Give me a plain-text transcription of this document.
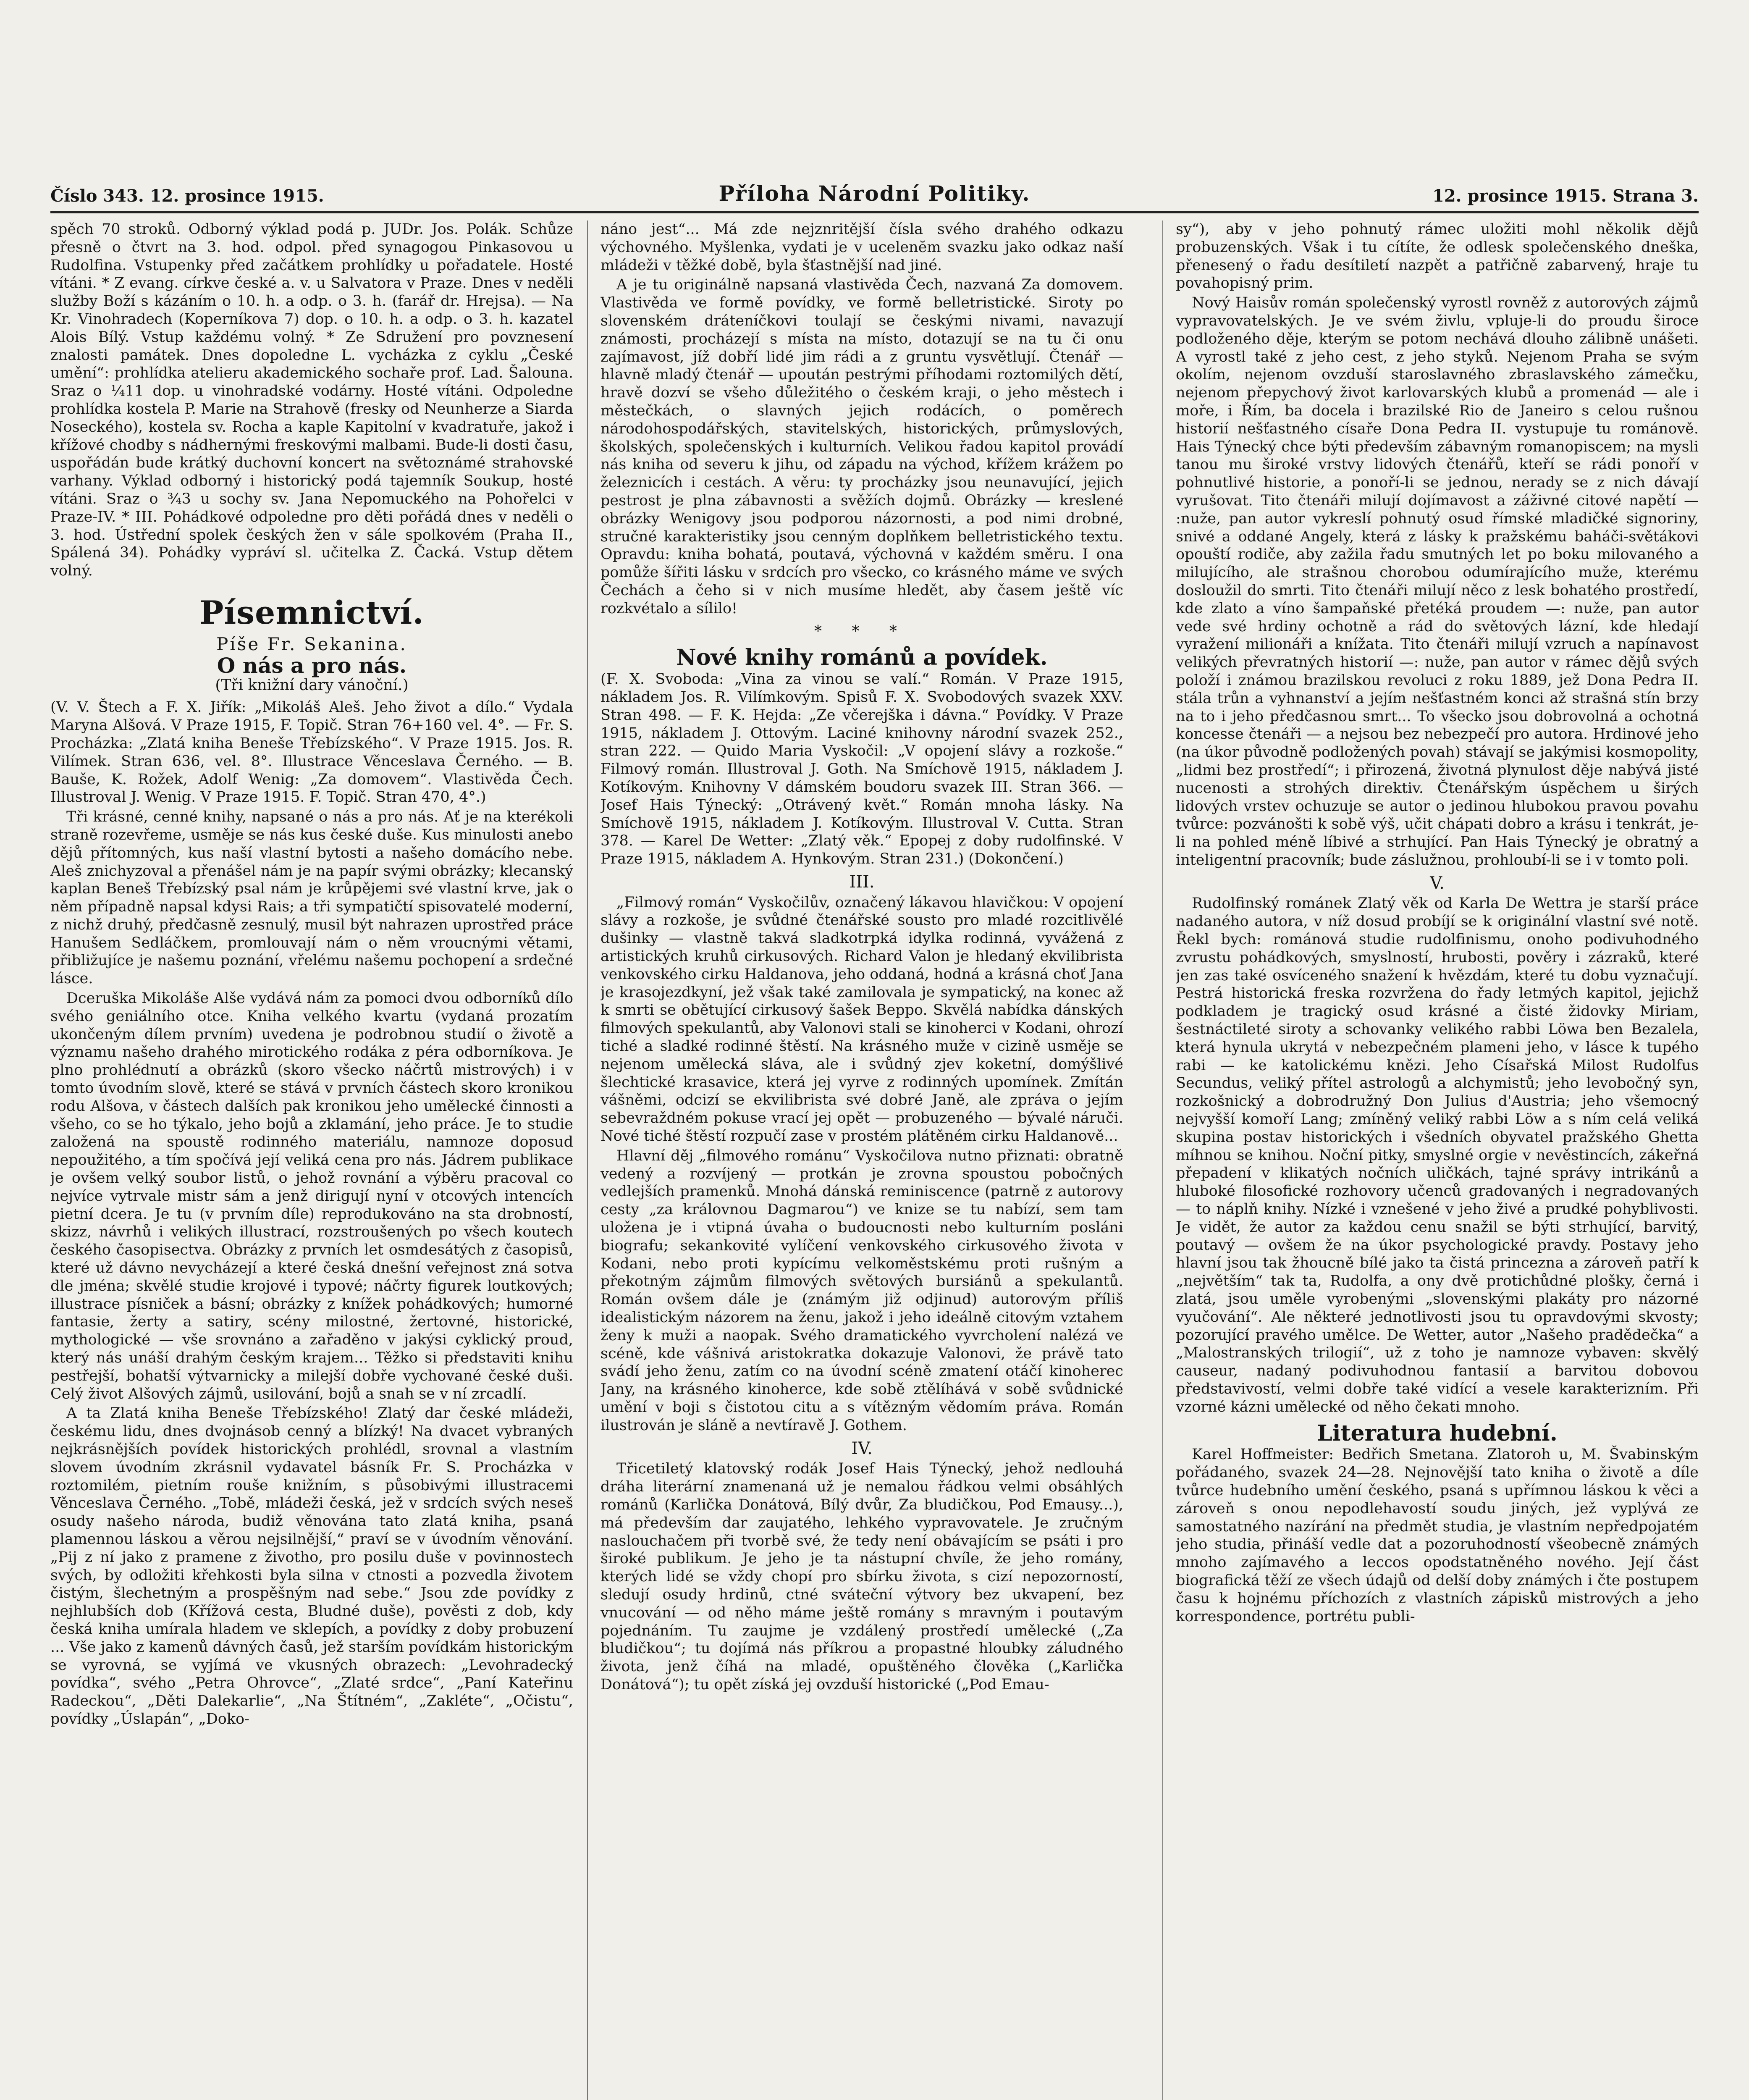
Číslo 343. 12. prosince 1915.	Příloha Národní Politiky.	12. prosince 1915. Strana 3.

spěch 70 stroků. Odborný výklad podá p. JUDr. Jos. Polák. Schůze přesně o čtvrt na 3. hod. odpol. před synagogou Pinkasovou u Rudolfina. Vstupenky před začátkem prohlídky u pořadatele. Hosté vítáni. * Z evang. církve české a. v. u Salvatora v Praze. Dnes v neděli služby Boží s kázáním o 10. h. a odp. o 3. h. (farář dr. Hrejsa). — Na Kr. Vinohradech (Koperníkova 7) dop. o 10. h. a odp. o 3. h. kazatel Alois Bílý. Vstup každému volný. * Ze Sdružení pro povznesení znalosti památek. Dnes dopoledne L. vycházka z cyklu „České umění“: prohlídka atelieru akademického sochaře prof. Lad. Šalouna. Sraz o ¼11 dop. u vinohradské vodárny. Hosté vítáni. Odpoledne prohlídka kostela P. Marie na Strahově (fresky od Neunherze a Siarda Noseckého), kostela sv. Rocha a kaple Kapitolní v kvadratuře, jakož i křížové chodby s nádhernými freskovými malbami. Bude-li dosti času, uspořádán bude krátký duchovní koncert na světoznámé strahovské varhany. Výklad odborný i historický podá tajemník Soukup, hosté vítáni. Sraz o ¾3 u sochy sv. Jana Nepomuckého na Pohořelci v Praze-IV. * III. Pohádkové odpoledne pro děti pořádá dnes v neděli o 3. hod. Ústřední spolek českých žen v sále spolkovém (Praha II., Spálená 34). Pohádky vypráví sl. učitelka Z. Čacká. Vstup dětem volný.

Písemnictví.
Píše Fr. Sekanina.
O nás a pro nás.
(Tři knižní dary vánoční.)

(V. V. Štech a F. X. Jiřík: „Mikoláš Aleš. Jeho život a dílo.“ Vydala Marynа Alšová. V Praze 1915, F. Topič. Stran 76+160 vel. 4°. — Fr. S. Procházka: „Zlatá kniha Beneše Třebízského“. V Praze 1915. Jos. R. Vilímek. Stran 636, vel. 8°. Illustrace Věnceslava Černého. — B. Bauše, K. Rožek, Adolf Wenig: „Za domovem“. Vlastivěda Čech. Illustroval J. Wenig. V Praze 1915. F. Topič. Stran 470, 4°.)

Tři krásné, cenné knihy, napsané o nás a pro nás. Ať je na kterékoli straně rozevřeme, usměje se nás kus české duše. Kus minulosti anebo dějů přítomných, kus naší vlastní bytosti a našeho domácího nebe. Aleš znichyzoval a přenášel nám je na papír svými obrázky; klecanský kaplan Beneš Třebízský psal nám je krůpějemi své vlastní krve, jak o něm případně napsal kdysi Rais; a tři sympatičtí spisovatelé moderní, z nichž druhý, předčasně zesnulý, musil být nahrazen uprostřed práce Hanušem Sedláčkem, promlouvají nám o něm vroucnými větami, přibližujíce je našemu poznání, vřelému našemu pochopení a srdečné lásce.

Dceruška Mikoláše Alše vydává nám za pomoci dvou odborníků dílo svého geniálního otce. Kniha velkého kvartu (vydaná prozatím ukončeným dílem prvním) uvedena je podrobnou studií o životě a významu našeho drahého mirotického rodáka z péra odborníkova. Je plno prohlédnutí a obrázků (skoro všecko náčrtů mistrových) i v tomto úvodním slově, které se stává v prvních částech skoro kronikou rodu Alšova, v částech dalších pak kronikou jeho umělecké činnosti a všeho, co se ho týkalo, jeho bojů a zklamání, jeho práce. Je to studie založená na spoustě rodinného materiálu, namnoze doposud nepoužitého, a tím spočívá její veliká cena pro nás. Jádrem publikace je ovšem velký soubor listů, o jehož rovnání a výběru pracoval co nejvíce vytrvale mistr sám a jenž dirigují nyní v otcových intencích pietní dcera. Je tu (v prvním díle) reprodukováno na sta drobností, skizz, návrhů i velikých illustrací, rozstroušených po všech koutech českého časopisectva. Obrázky z prvních let osmdesátých z časopisů, které už dávno nevycházejí a které česká dnešní veřejnost zná sotva dle jména; skvělé studie krojové i typové; náčrty figurek loutkových; illustrace písniček a básní; obrázky z knížek pohádkových; humorné fantasie, žerty a satiry, scény milostné, žertovné, historické, mythologické — vše srovnáno a zařaděno v jakýsi cyklický proud, který nás unáší drahým českým krajem... Těžko si představiti knihu pestřejší, bohatší výtvarnicky a milejší dobře vychované české duši. Celý život Alšových zájmů, usilování, bojů a snah se v ní zrcadlí.

A ta Zlatá kniha Beneše Třebízského! Zlatý dar české mládeži, českému lidu, dnes dvojnásob cenný a blízký! Na dvacet vybraných nejkrásnějších povídek historických prohlédl, srovnal a vlastním slovem úvodním zkrásnil vydavatel básník Fr. S. Procházka v roztomilém, pietním rouše knižním, s působivými illustracemi Věnceslava Černého. „Tobě, mládeži česká, jež v srdcích svých neseš osudy našeho národa, budiž věnována tato zlatá kniha, psaná plamennou láskou a věrou nejsilnější,“ praví se v úvodním věnování. „Pij z ní jako z pramene z životho, pro posilu duše v povinnostech svých, by odložiti křehkosti byla silna v ctnosti a pozvedla životem čistým, šlechetným a prospěšným nad sebe.“ Jsou zde povídky z nejhlubších dob (Křížová cesta, Bludné duše), pověsti z dob, kdy česká kniha umírala hladem ve sklepích, a povídky z doby probuzení ... Vše jako z kamenů dávných časů, jež starším povídkám historickým se vyrovná, se vyjímá ve vkusných obrazech: „Levohradecký povídka“, svého „Petra Ohrovce“, „Zlaté srdce“, „Paní Kateřinu Radeckou“, „Děti Dalekarlie“, „Na Štítném“, „Zakléte“, „Očistu“, povídky „Úslapán“, „Doko-

náno jest“... Má zde nejznritější čísla svého drahého odkazu výchovného. Myšlenka, vydati je v ucelenĕm svazku jako odkaz naší mládeži v těžké době, byla šťastnější nad jiné.

A je tu originálně napsaná vlastivěda Čech, nazvaná Za domovem. Vlastivěda ve formě povídky, ve formě belletristické. Siroty po slovenském dráteníčkovi toulají se českými nivami, navazují známosti, procházejí s místa na místo, dotazují se na tu či onu zajímavost, jíž dobří lidé jim rádi a z gruntu vysvětlují. Čtenář — hlavně mladý čtenář — upoután pestrými příhodami roztomilých dětí, hravě dozví se všeho důležitého o českém kraji, o jeho městech i městečkách, o slavných jejich rodácích, o poměrech národohospodářských, stavitelských, historických, průmyslových, školských, společenských i kulturních. Velikou řadou kapitol provádí nás kniha od severu k jihu, od západu na východ, křížem krážem po železnicích i cestách. A věru: ty procházky jsou neunavující, jejich pestrost je plna zábavnosti a svěžích dojmů. Obrázky — kreslené obrázky Wenigovy jsou podporou názornosti, a pod nimi drobné, stručné karakteristiky jsou cenným doplňkem belletristického textu. Opravdu: kniha bohatá, poutavá, výchovná v každém směru. I ona pomůže šířiti lásku v srdcích pro všecko, co krásného máme ve svých Čechách a čeho si v nich musíme hledět, aby časem ještě víc rozkvétalo a sílilo!

* * *
Nové knihy románů a povídek.

(F. X. Svoboda: „Vina za vinou se valí.“ Román. V Praze 1915, nákladem Jos. R. Vilímkovým. Spisů F. X. Svobodových svazek XXV. Stran 498. — F. K. Hejda: „Ze včerejška i dávna.“ Povídky. V Praze 1915, nákladem J. Ottovým. Laciné knihovny národní svazek 252., stran 222. — Quido Maria Vyskočil: „V opojení slávy a rozkoše.“ Filmový román. Illustroval J. Goth. Na Smíchově 1915, nákladem J. Kotíkovým. Knihovny V dámském boudoru svazek III. Stran 366. — Josef Hais Týnecký: „Otrávený květ.“ Román mnoha lásky. Na Smíchově 1915, nákladem J. Kotíkovým. Illustroval V. Cutta. Stran 378. — Karel De Wetter: „Zlatý věk.“ Epopej z doby rudolfinské. V Praze 1915, nákladem A. Hynkovým. Stran 231.) (Dokončení.)

III.

„Filmový román“ Vyskočilův, označený lákavou hlavičkou: V opojení slávy a rozkoše, je svůdné čtenářské sousto pro mladé rozcitlivělé dušinky — vlastně takvá sladkotrpká idylka rodinná, vyvážená z artistických kruhů cirkusových. Richard Valon je hledaný ekvilibrista venkovského cirku Haldanova, jeho oddaná, hodná a krásná choť Jana je krasojezdkyní, jež však také zamilovala je sympatický, na konec až k smrti se obětující cirkusový šašek Beppo. Skvělá nabídka dánských filmových spekulantů, aby Valonovi stali se kinoherci v Kodani, ohrozí tiché a sladké rodinné štěstí. Na krásného muže v cizině usměje se nejenom umělecká sláva, ale i svůdný zjev koketní, domýšlivé šlechtické krasavice, která jej vyrve z rodinných upomínek. Zmítán vášněmi, odcizí se ekvilibrista své dobré Janě, ale zpráva o jejím sebevraždném pokuse vrací jej opět — probuzeného — bývalé náruči. Nové tiché štěstí rozpučí zase v prostém plátěném cirku Haldanově...

Hlavní děj „filmového románu“ Vyskočilova nutno přiznati: obratně vedený a rozvíjený — protkán je zrovna spoustou pobočných vedlejších pramenků. Mnohá dánská reminiscence (patrně z autorovy cesty „za královnou Dagmarou“) ve knize se tu nabízí, sem tam uložena je i vtipná úvaha o budoucnosti nebo kulturním posláni biografu; sekankovité vylíčení venkovského cirkusového života v Kodani, nebo proti kypícímu velkoměstskému proti rušným a překotným zájmům filmových světových bursiánů a spekulantů. Román ovšem dále je (známým již odjinud) autorovým příliš idealistickým názorem na ženu, jakož i jeho ideálně citovým vztahem ženy k muži a naopak. Svého dramatického vyvrcholení nalézá ve scéně, kde vášnivá aristokratka dokazuje Valonovi, že právě tato svádí jeho ženu, zatím co na úvodní scéně zmatení otáčí kinoherec Jany, na krásného kinoherce, kde sobě ztělíhává v sobě svůdnické umění v boji s čistotou citu a s vítězným vědomím práva. Román ilustrován je sláně a nevtíravě J. Gothem.

IV.

Třicetiletý klatovský rodák Josef Hais Týnecký, jehož nedlouhá dráha literární znamenaná už je nemalou řádkou velmi obsáhlých románů (Karlička Donátová, Bílý dvůr, Za bludičkou, Pod Emausy...), má především dar zaujatého, lehkého vypravovatele. Je zručným naslouchačem při tvorbě své, že tedy není obávajícím se psáti i pro široké publikum. Je jeho je ta nástupní chvíle, že jeho romány, kterých lidé se vždy chopí pro sbírku života, s cizí nepozorností, sledují osudy hrdinů, ctné sváteční výtvory bez ukvapení, bez vnucování — od něho máme ještě romány s mravným i poutavým pojednáním. Tu zaujme je vzdálený prostředí umělecké („Za bludičkou“; tu dojímá nás příkrou a propastné hloubky záludného života, jenž číhá na mladé, opuštěného člověka („Karlička Donátová“); tu opět získá jej ovzduší historické („Pod Emau-

sy“), aby v jeho pohnutý rámec uložiti mohl několik dějů probuzenských. Však i tu cítíte, že odlesk společenského dneška, přenesený o řadu desítiletí nazpět a patřičně zabarvený, hraje tu povahopisný prim.

Nový Haisův román společenský vyrostl rovněž z autorových zájmů vypravovatelských. Je ve svém živlu, vpluje-li do proudu široce podloženého děje, kterým se potom nechává dlouho zálibně unášeti. A vyrostl také z jeho cest, z jeho styků. Nejenom Praha se svým okolím, nejenom ovzduší staroslavného zbraslavského zámečku, nejenom přepychový život karlovarských klubů a promenád — ale i moře, i Řím, ba docela i brazilské Rio de Janeiro s celou rušnou historií nešťastného císaře Dona Pedra II. vystupuje tu románově. Hais Týnecký chce býti především zábavným romanopiscem; na mysli tanou mu široké vrstvy lidových čtenářů, kteří se rádi ponoří v pohnutlivé historie, a ponoří-li se jednou, nerady se z nich dávají vyrušovat. Tito čtenáři milují dojímavost a záživné citové napětí — :nuže, pan autor vykreslí pohnutý osud římské mladičké signoriny, snivé a oddané Angely, která z lásky k pražskému baháči-světákovi opouští rodiče, aby zažila řadu smutných let po boku milovaného a milujícího, ale strašnou chorobou odumírajícího muže, kterému dosloužil do smrti. Tito čtenáři milují něco z lesk bohatého prostředí, kde zlato a víno šampaňské přetéká proudem —: nuže, pan autor vede své hrdiny ochotně a rád do světových lázní, kde hledají vyražení milionáři a knížata. Tito čtenáři milují vzruch a napínavost velikých převratných historií —: nuže, pan autor v rámec dějů svých položí i známou brazilskou revoluci z roku 1889, jež Dona Pedra II. stála trůn a vyhnanství a jejím nešťastném konci až strašná stín brzy na to i jeho předčasnou smrt... To všecko jsou dobrovolná a ochotná koncesse čtenáři — a nejsou bez nebezpečí pro autora. Hrdinové jeho (na úkor původně podložených povah) stávají se jakýmisi kosmopolity, „lidmi bez prostředí“; i přirozená, životná plynulost děje nabývá jisté nucenosti a strohých direktiv. Čtenářským úspěchem u širých lidových vrstev ochuzuje se autor o jedinou hlubokou pravou povahu tvůrce: pozvánošti k sobě výš, učit chápati dobro a krásu i tenkrát, je-li na pohled méně líbivé a strhující. Pan Hais Týnecký je obratný a inteligentní pracovník; bude záslužnou, prohloubí-li se i v tomto poli.

V.

Rudolfinský románek Zlatý věk od Karla De Wettra je starší práce nadaného autora, v níž dosud probíjí se k originální vlastní své notě. Řekl bych: románová studie rudolfinismu, onoho podivuhodného zvrustu pohádkových, smyslností, hrubosti, pověry i zázraků, které jen zas také osvíceného snažení k hvězdám, které tu dobu vyznačují. Pestrá historická freska rozvržena do řady letmých kapitol, jejichž podkladem je tragický osud krásné a čisté židovky Miriam, šestnáctileté siroty a schovanky velikého rabbi Löwa ben Bezalela, která hynula ukrytá v nebezpečném plameni jeho, v lásce k tupého rabi — ke katolickému knězi. Jeho Císařská Milost Rudolfus Secundus, veliký přítel astrologů a alchymistů; jeho levobočný syn, rozkošnický a dobrodružný Don Julius d'Austria; jeho všemocný nejvyšší komoří Lang; zmíněný veliký rabbi Löw a s ním celá veliká skupina postav historických i všedních obyvatel pražského Ghetta míhnou se knihou. Noční pitky, smyslné orgie v nevěstincích, zákeřná přepadení v klikatých nočních uličkách, tajné správy intrikánů a hluboké filosofické rozhovory učenců gradovaných i negradovaných — to náplň knihy. Nízké i vznešené v jeho živé a prudké pohyblivosti. Je vidět, že autor za každou cenu snažil se býti strhující, barvitý, poutavý — ovšem že na úkor psychologické pravdy. Postavy jeho hlavní jsou tak žhoucně bílé jako ta čistá princezna a zároveň patří k „největším“ tak ta, Rudolfa, a ony dvě protichůdné plošky, černá i zlatá, jsou uměle vyrobenými „slovenskými plakáty pro názorné vyučování“. Ale některé jednotlivosti jsou tu opravdovými skvosty; pozorující pravého umělce. De Wetter, autor „Našeho pradědečka“ a „Malostranských trilogií“, už z toho je namnoze vybaven: skvělý causeur, nadaný podivuhodnou fantasií a barvitou dobovou představivostí, velmi dobře také vidící a vesele karakterizním. Při vzorné kázni umělecké od něho čekati mnoho.

Literatura hudební.

Karel Hoffmeister: Bedřich Smetana. Zlatoroh u, M. Švabinským pořádaného, svazek 24—28. Nejnovější tato kniha o životě a díle tvůrce hudebního umění českého, psaná s upřímnou láskou k věci a zároveň s onou nepodlehavostí soudu jiných, jež vyplývá ze samostatného nazírání na předmět studia, je vlastním nepředpojatém jeho studia, přináší vedle dat a pozoruhodností všeobecně známých mnoho zajímavého a leccos opodstatněného nového. Její část biografická těží ze všech údajů od delší doby známých i čte postupem času k hojnému příchozích z vlastních zápisků mistrových a jeho korrespondence, portrétu publi-
